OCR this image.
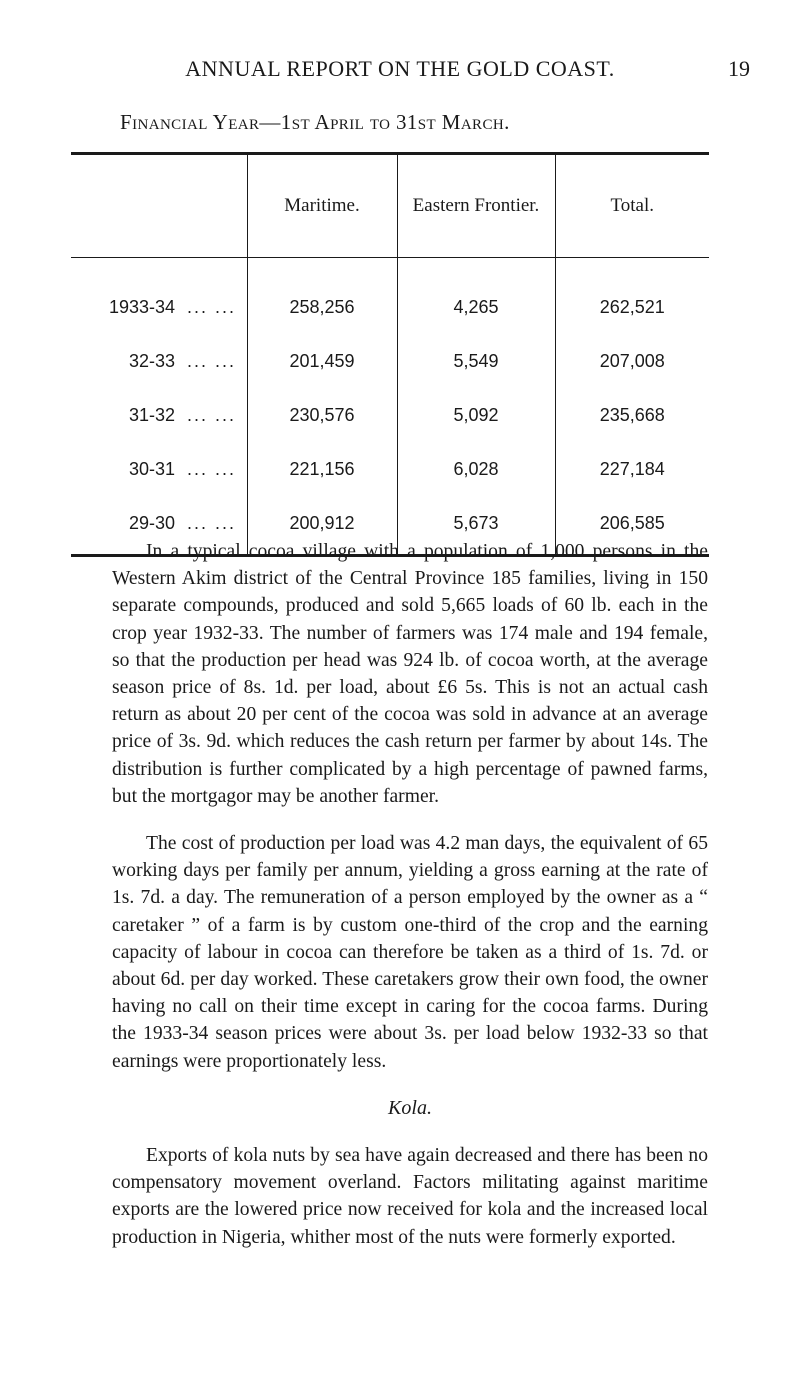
ANNUAL REPORT ON THE GOLD COAST.	19
Financial Year—1st April to 31st March.
	Maritime.	Eastern Frontier.	Total.
1933-34 ... ...	258,256	4,265	262,521
32-33 ... ...	201,459	5,549	207,008
31-32 ... ...	230,576	5,092	235,668
30-31 ... ...	221,156	6,028	227,184
29-30 ... ...	200,912	5,673	206,585

In a typical cocoa village with a population of 1,000 persons in the Western Akim district of the Central Province 185 families, living in 150 separate compounds, produced and sold 5,665 loads of 60 lb. each in the crop year 1932-33. The number of farmers was 174 male and 194 female, so that the production per head was 924 lb. of cocoa worth, at the average season price of 8s. 1d. per load, about £6 5s. This is not an actual cash return as about 20 per cent of the cocoa was sold in advance at an average price of 3s. 9d. which reduces the cash return per farmer by about 14s. The distribution is further complicated by a high percentage of pawned farms, but the mortgagor may be another farmer.

The cost of production per load was 4.2 man days, the equivalent of 65 working days per family per annum, yielding a gross earning at the rate of 1s. 7d. a day. The remuneration of a person employed by the owner as a “ caretaker ” of a farm is by custom one-third of the crop and the earning capacity of labour in cocoa can therefore be taken as a third of 1s. 7d. or about 6d. per day worked. These caretakers grow their own food, the owner having no call on their time except in caring for the cocoa farms. During the 1933-34 season prices were about 3s. per load below 1932-33 so that earnings were proportionately less.

Kola.

Exports of kola nuts by sea have again decreased and there has been no compensatory movement overland. Factors militating against maritime exports are the lowered price now received for kola and the increased local production in Nigeria, whither most of the nuts were formerly exported.
